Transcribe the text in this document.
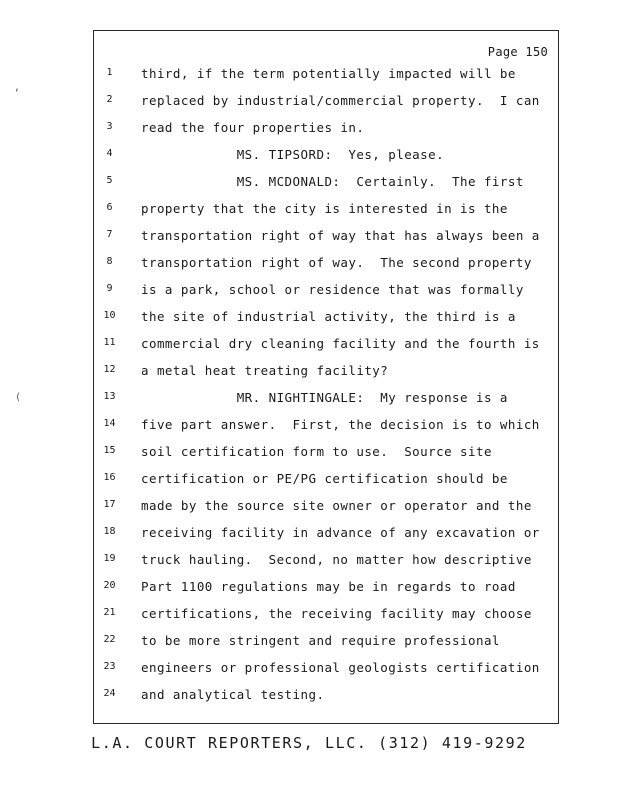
Page 150
1	third, if the term potentially impacted will be
2	replaced by industrial/commercial property.  I can
3	read the four properties in.
4	MS. TIPSORD:  Yes, please.
5	MS. MCDONALD:  Certainly.  The first
6	property that the city is interested in is the
7	transportation right of way that has always been a
8	transportation right of way.  The second property
9	is a park, school or residence that was formally
10	the site of industrial activity, the third is a
11	commercial dry cleaning facility and the fourth is
12	a metal heat treating facility?
13	MR. NIGHTINGALE:  My response is a
14	five part answer.  First, the decision is to which
15	soil certification form to use.  Source site
16	certification or PE/PG certification should be
17	made by the source site owner or operator and the
18	receiving facility in advance of any excavation or
19	truck hauling.  Second, no matter how descriptive
20	Part 1100 regulations may be in regards to road
21	certifications, the receiving facility may choose
22	to be more stringent and require professional
23	engineers or professional geologists certification
24	and analytical testing.
,
(
L.A. COURT REPORTERS, LLC. (312) 419-9292
